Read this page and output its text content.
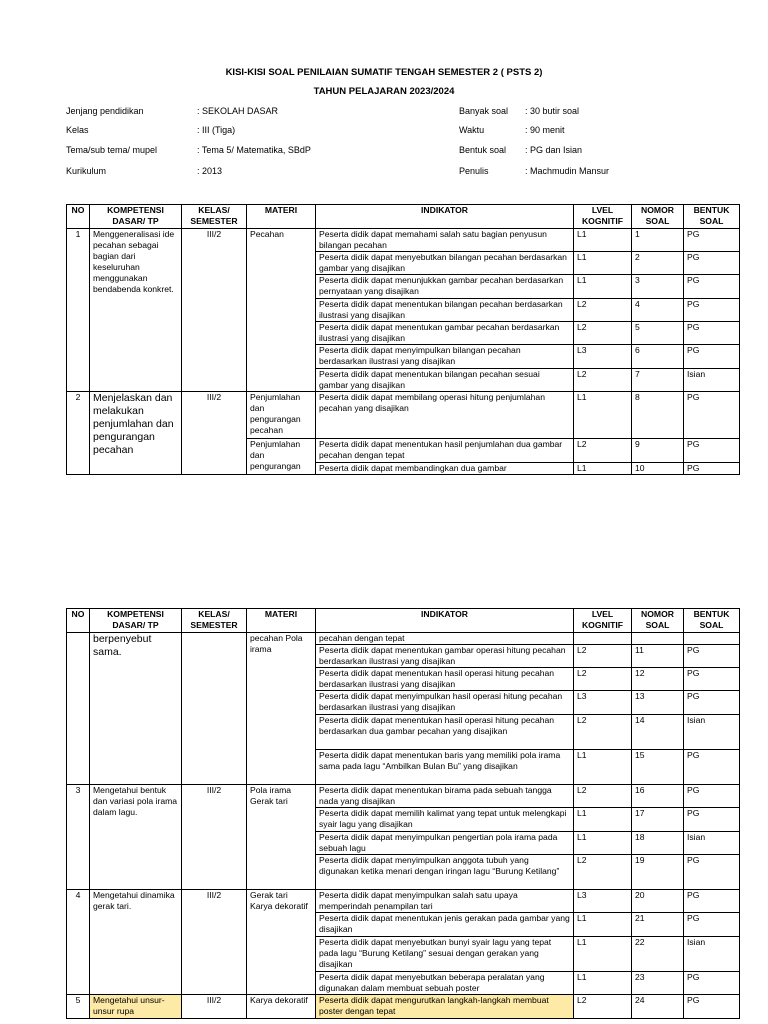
KISI-KISI SOAL PENILAIAN SUMATIF TENGAH SEMESTER 2 ( PSTS 2)
TAHUN PELAJARAN 2023/2024
Jenjang pendidikan	: SEKOLAH DASAR
Kelas	: III (Tiga)
Tema/sub tema/ mupel	: Tema 5/ Matematika, SBdP
Kurikulum	: 2013
Banyak soal : 30 butir soal
Waktu	: 90 menit
Bentuk soal : PG dan Isian
Penulis	: Machmudin Mansur
NO	KOMPETENSI DASAR/ TP	KELAS/ SEMESTER	MATERI	INDIKATOR	LVEL KOGNITIF	NOMOR SOAL	BENTUK SOAL
1	Menggeneralisasi ide pecahan sebagai bagian dari keseluruhan menggunakan bendabenda konkret.	III/2	Pecahan	Peserta didik dapat memahami salah satu bagian penyusun bilangan pecahan	L1	1	PG
				Peserta didik dapat menyebutkan bilangan pecahan berdasarkan gambar yang disajikan	L1	2	PG
				Peserta didik dapat menunjukkan gambar pecahan berdasarkan pernyataan yang disajikan	L1	3	PG
				Peserta didik dapat menentukan bilangan pecahan berdasarkan ilustrasi yang disajikan	L2	4	PG
				Peserta didik dapat menentukan gambar pecahan berdasarkan ilustrasi yang disajikan	L2	5	PG
				Peserta didik dapat menyimpulkan bilangan pecahan berdasarkan ilustrasi yang disajikan	L3	6	PG
				Peserta didik dapat menentukan bilangan pecahan sesuai gambar yang disajikan	L2	7	Isian
2	Menjelaskan dan melakukan penjumlahan dan pengurangan pecahan	III/2	Penjumlahan dan pengurangan pecahan	Peserta didik dapat membilang operasi hitung penjumlahan pecahan yang disajikan	L1	8	PG
			Penjumlahan dan pengurangan	Peserta didik dapat menentukan hasil penjumlahan dua gambar pecahan dengan tepat	L2	9	PG
				Peserta didik dapat membandingkan dua gambar	L1	10	PG
NO	KOMPETENSI DASAR/ TP	KELAS/ SEMESTER	MATERI	INDIKATOR	LVEL KOGNITIF	NOMOR SOAL	BENTUK SOAL
	berpenyebut sama.		pecahan Pola irama	pecahan dengan tepat			
				Peserta didik dapat menentukan gambar operasi hitung pecahan berdasarkan ilustrasi yang disajikan	L2	11	PG
				Peserta didik dapat menentukan hasil operasi hitung pecahan berdasarkan ilustrasi yang disajikan	L2	12	PG
				Peserta didik dapat menyimpulkan hasil operasi hitung pecahan berdasarkan ilustrasi yang disajikan	L3	13	PG
				Peserta didik dapat menentukan hasil operasi hitung pecahan berdasarkan dua gambar pecahan yang disajikan	L2	14	Isian
				Peserta didik dapat menentukan baris yang memiliki pola irama sama pada lagu “Ambilkan Bulan Bu” yang disajikan	L1	15	PG
3	Mengetahui bentuk dan variasi pola irama dalam lagu.	III/2	Pola irama Gerak tari	Peserta didik dapat menentukan birama pada sebuah tangga nada yang disajikan	L2	16	PG
				Peserta didik dapat memilih kalimat yang tepat untuk melengkapi syair lagu yang disajikan	L1	17	PG
				Peserta didik dapat menyimpulkan pengertian pola irama pada sebuah lagu	L1	18	Isian
				Peserta didik dapat menyimpulkan anggota tubuh yang digunakan ketika menari dengan iringan lagu “Burung Ketilang”	L2	19	PG
4	Mengetahui dinamika gerak tari.	III/2	Gerak tari Karya dekoratif	Peserta didik dapat menyimpulkan salah satu upaya memperindah penampilan tari	L3	20	PG
				Peserta didik dapat menentukan jenis gerakan pada gambar yang disajikan	L1	21	PG
				Peserta didik dapat menyebutkan bunyi syair lagu yang tepat pada lagu “Burung Ketilang” sesuai dengan gerakan yang disajikan	L1	22	Isian
				Peserta didik dapat menyebutkan beberapa peralatan yang digunakan dalam membuat sebuah poster	L1	23	PG
5	Mengetahui unsur-unsur rupa	III/2	Karya dekoratif	Peserta didik dapat mengurutkan langkah-langkah membuat poster dengan tepat	L2	24	PG
